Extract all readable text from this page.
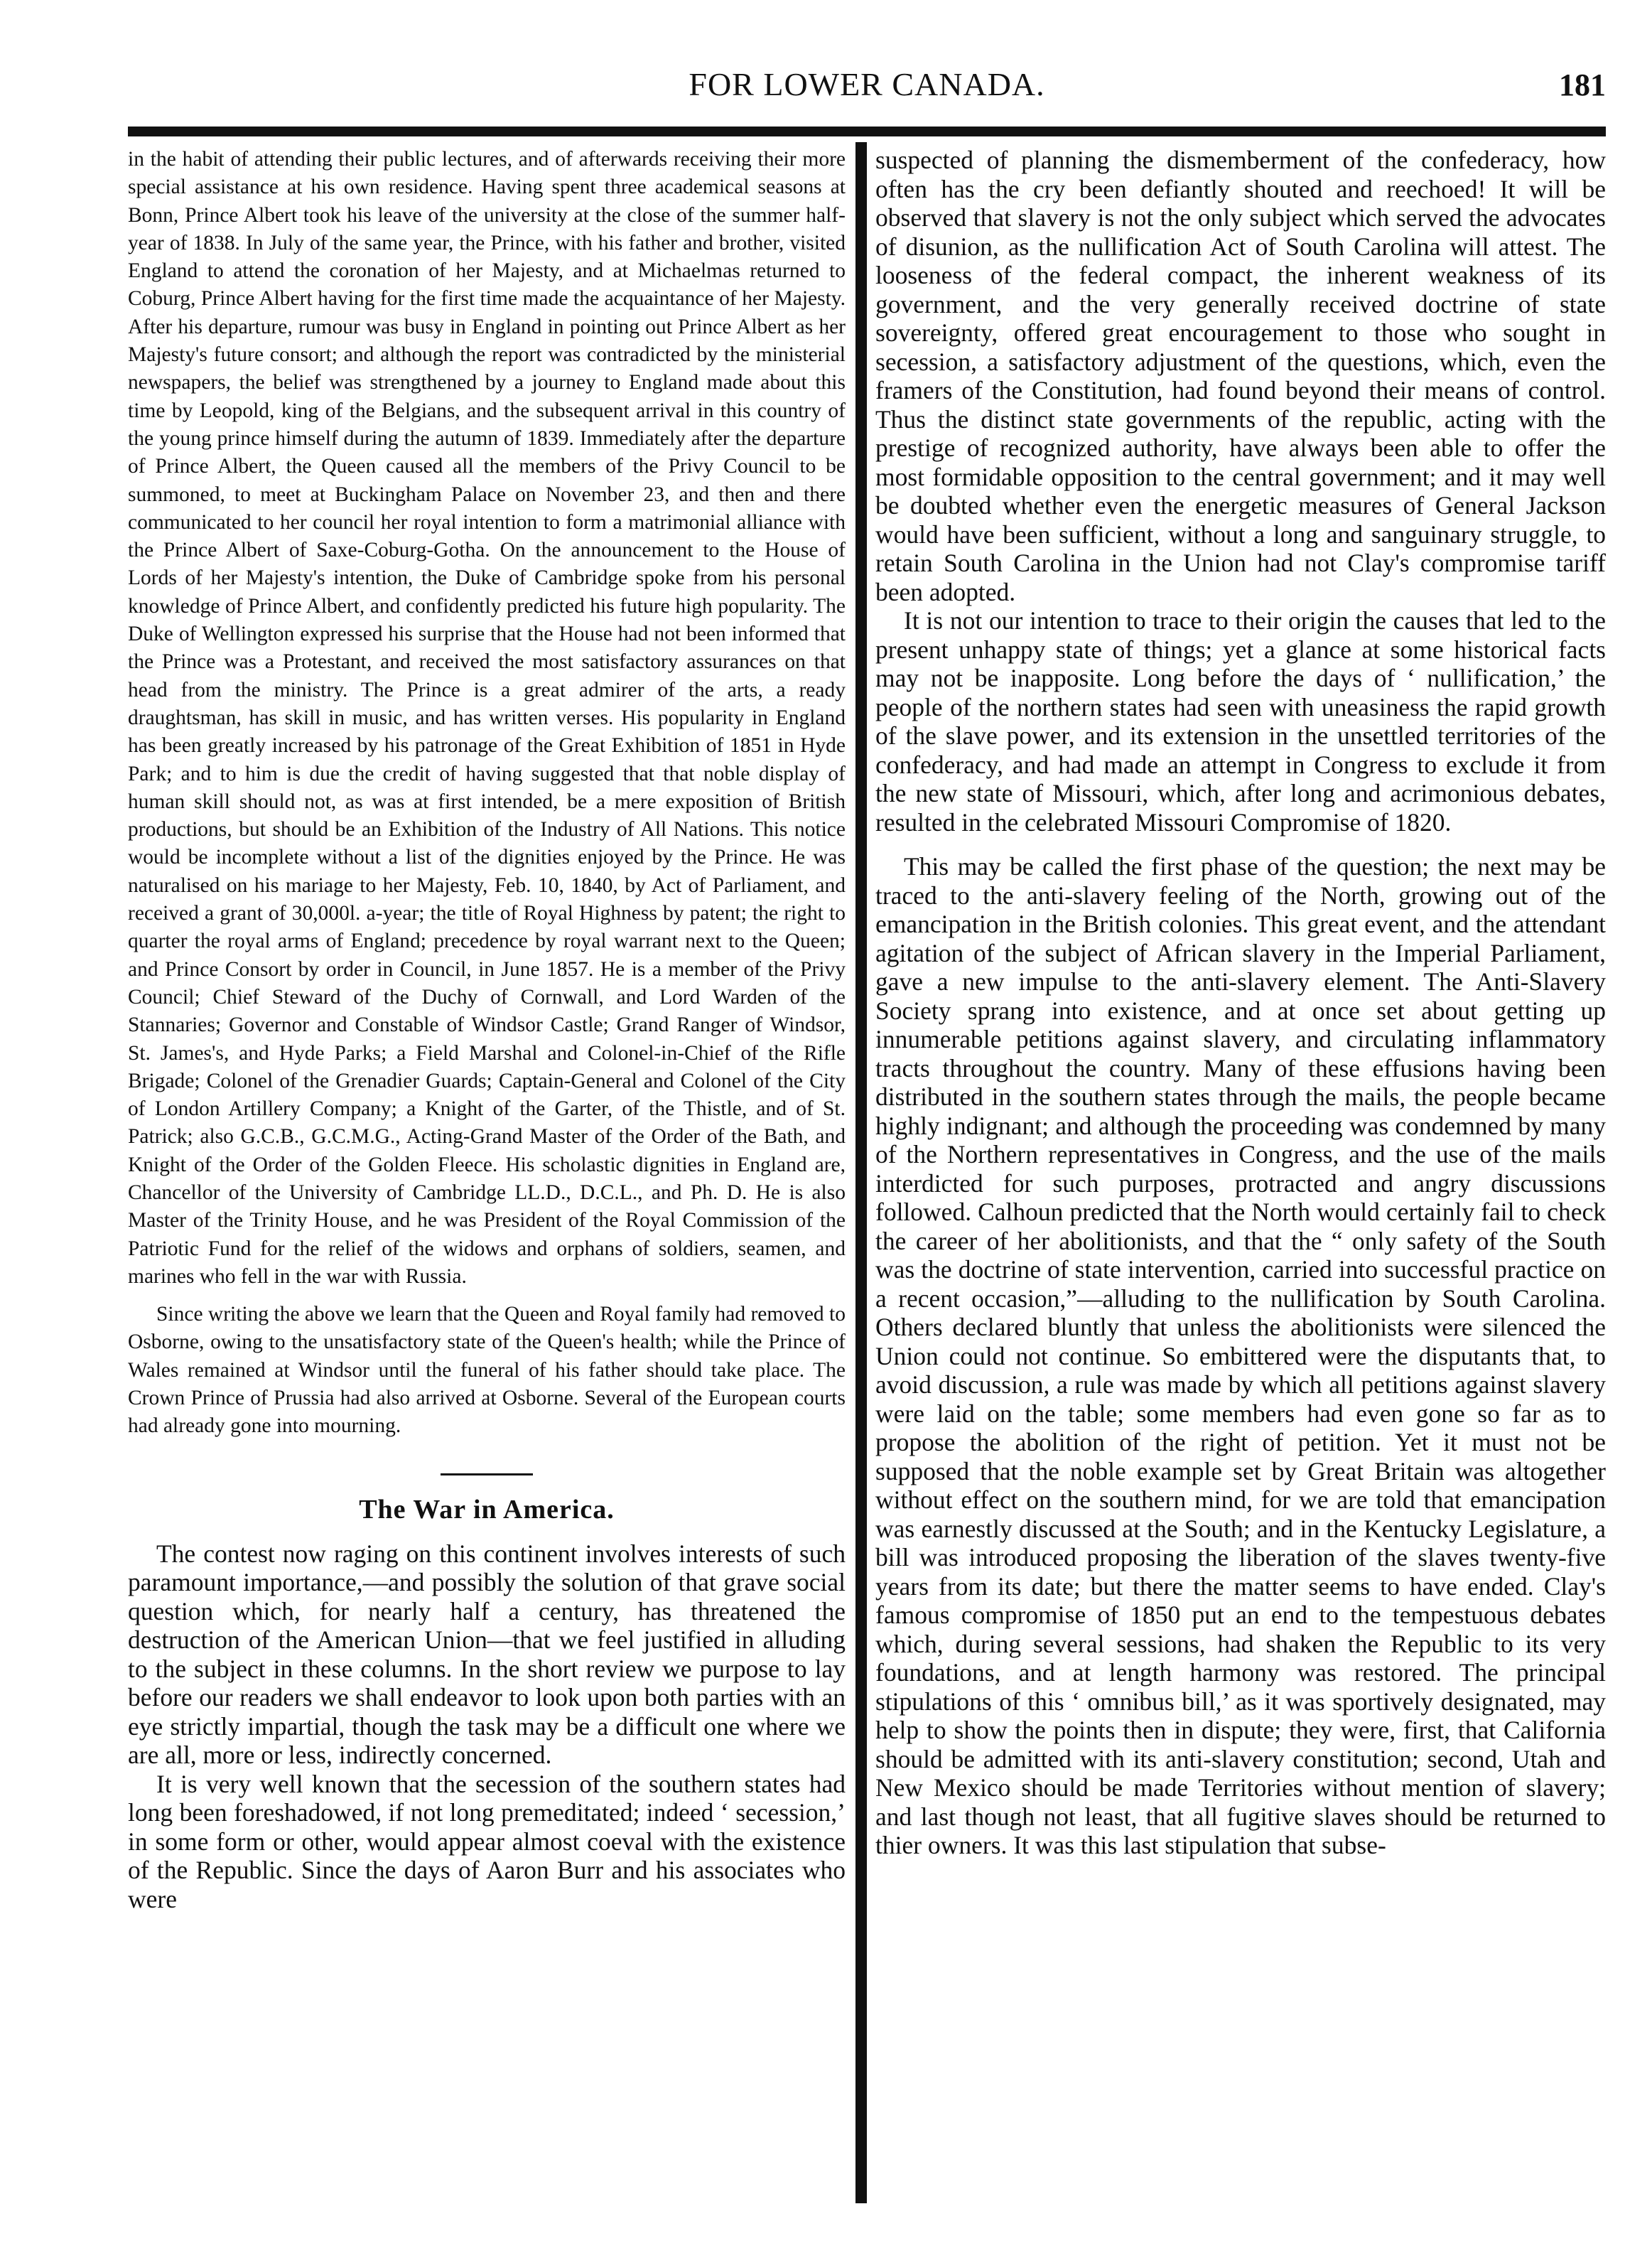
FOR LOWER CANADA.	181

in the habit of attending their public lectures, and of afterwards receiving their more special assistance at his own residence. Having spent three academical seasons at Bonn, Prince Albert took his leave of the university at the close of the summer half-year of 1838. In July of the same year, the Prince, with his father and brother, visited England to attend the coronation of her Majesty, and at Michaelmas returned to Coburg, Prince Albert having for the first time made the acquaintance of her Majesty. After his departure, rumour was busy in England in pointing out Prince Albert as her Majesty's future consort; and although the report was contradicted by the ministerial newspapers, the belief was strengthened by a journey to England made about this time by Leopold, king of the Belgians, and the subsequent arrival in this country of the young prince himself during the autumn of 1839. Immediately after the departure of Prince Albert, the Queen caused all the members of the Privy Council to be summoned, to meet at Buckingham Palace on November 23, and then and there communicated to her council her royal intention to form a matrimonial alliance with the Prince Albert of Saxe-Coburg-Gotha. On the announcement to the House of Lords of her Majesty's intention, the Duke of Cambridge spoke from his personal knowledge of Prince Albert, and confidently predicted his future high popularity. The Duke of Wellington expressed his surprise that the House had not been informed that the Prince was a Protestant, and received the most satisfactory assurances on that head from the ministry. The Prince is a great admirer of the arts, a ready draughtsman, has skill in music, and has written verses. His popularity in England has been greatly increased by his patronage of the Great Exhibition of 1851 in Hyde Park; and to him is due the credit of having suggested that that noble display of human skill should not, as was at first intended, be a mere exposition of British productions, but should be an Exhibition of the Industry of All Nations. This notice would be incomplete without a list of the dignities enjoyed by the Prince. He was naturalised on his mariage to her Majesty, Feb. 10, 1840, by Act of Parliament, and received a grant of 30,000l. a-year; the title of Royal Highness by patent; the right to quarter the royal arms of England; precedence by royal warrant next to the Queen; and Prince Consort by order in Council, in June 1857. He is a member of the Privy Council; Chief Steward of the Duchy of Cornwall, and Lord Warden of the Stannaries; Governor and Constable of Windsor Castle; Grand Ranger of Windsor, St. James's, and Hyde Parks; a Field Marshal and Colonel-in-Chief of the Rifle Brigade; Colonel of the Grenadier Guards; Captain-General and Colonel of the City of London Artillery Company; a Knight of the Garter, of the Thistle, and of St. Patrick; also G.C.B., G.C.M.G., Acting-Grand Master of the Order of the Bath, and Knight of the Order of the Golden Fleece. His scholastic dignities in England are, Chancellor of the University of Cambridge LL.D., D.C.L., and Ph. D. He is also Master of the Trinity House, and he was President of the Royal Commission of the Patriotic Fund for the relief of the widows and orphans of soldiers, seamen, and marines who fell in the war with Russia.

Since writing the above we learn that the Queen and Royal family had removed to Osborne, owing to the unsatisfactory state of the Queen's health; while the Prince of Wales remained at Windsor until the funeral of his father should take place. The Crown Prince of Prussia had also arrived at Osborne. Several of the European courts had already gone into mourning.

The War in America.

The contest now raging on this continent involves interests of such paramount importance,—and possibly the solution of that grave social question which, for nearly half a century, has threatened the destruction of the American Union—that we feel justified in alluding to the subject in these columns. In the short review we purpose to lay before our readers we shall endeavor to look upon both parties with an eye strictly impartial, though the task may be a difficult one where we are all, more or less, indirectly concerned.

It is very well known that the secession of the southern states had long been foreshadowed, if not long premeditated; indeed ‘ secession,’ in some form or other, would appear almost coeval with the existence of the Republic. Since the days of Aaron Burr and his associates who were

suspected of planning the dismemberment of the confederacy, how often has the cry been defiantly shouted and reechoed! It will be observed that slavery is not the only subject which served the advocates of disunion, as the nullification Act of South Carolina will attest. The looseness of the federal compact, the inherent weakness of its government, and the very generally received doctrine of state sovereignty, offered great encouragement to those who sought in secession, a satisfactory adjustment of the questions, which, even the framers of the Constitution, had found beyond their means of control. Thus the distinct state governments of the republic, acting with the prestige of recognized authority, have always been able to offer the most formidable opposition to the central government; and it may well be doubted whether even the energetic measures of General Jackson would have been sufficient, without a long and sanguinary struggle, to retain South Carolina in the Union had not Clay's compromise tariff been adopted.

It is not our intention to trace to their origin the causes that led to the present unhappy state of things; yet a glance at some historical facts may not be inapposite. Long before the days of ‘ nullification,’ the people of the northern states had seen with uneasiness the rapid growth of the slave power, and its extension in the unsettled territories of the confederacy, and had made an attempt in Congress to exclude it from the new state of Missouri, which, after long and acrimonious debates, resulted in the celebrated Missouri Compromise of 1820.

This may be called the first phase of the question; the next may be traced to the anti-slavery feeling of the North, growing out of the emancipation in the British colonies. This great event, and the attendant agitation of the subject of African slavery in the Imperial Parliament, gave a new impulse to the anti-slavery element. The Anti-Slavery Society sprang into existence, and at once set about getting up innumerable petitions against slavery, and circulating inflammatory tracts throughout the country. Many of these effusions having been distributed in the southern states through the mails, the people became highly indignant; and although the proceeding was condemned by many of the Northern representatives in Congress, and the use of the mails interdicted for such purposes, protracted and angry discussions followed. Calhoun predicted that the North would certainly fail to check the career of her abolitionists, and that the “ only safety of the South was the doctrine of state intervention, carried into successful practice on a recent occasion,”—alluding to the nullification by South Carolina. Others declared bluntly that unless the abolitionists were silenced the Union could not continue. So embittered were the disputants that, to avoid discussion, a rule was made by which all petitions against slavery were laid on the table; some members had even gone so far as to propose the abolition of the right of petition. Yet it must not be supposed that the noble example set by Great Britain was altogether without effect on the southern mind, for we are told that emancipation was earnestly discussed at the South; and in the Kentucky Legislature, a bill was introduced proposing the liberation of the slaves twenty-five years from its date; but there the matter seems to have ended. Clay's famous compromise of 1850 put an end to the tempestuous debates which, during several sessions, had shaken the Republic to its very foundations, and at length harmony was restored. The principal stipulations of this ‘ omnibus bill,’ as it was sportively designated, may help to show the points then in dispute; they were, first, that California should be admitted with its anti-slavery constitution; second, Utah and New Mexico should be made Territories without mention of slavery; and last though not least, that all fugitive slaves should be returned to thier owners. It was this last stipulation that subse-
